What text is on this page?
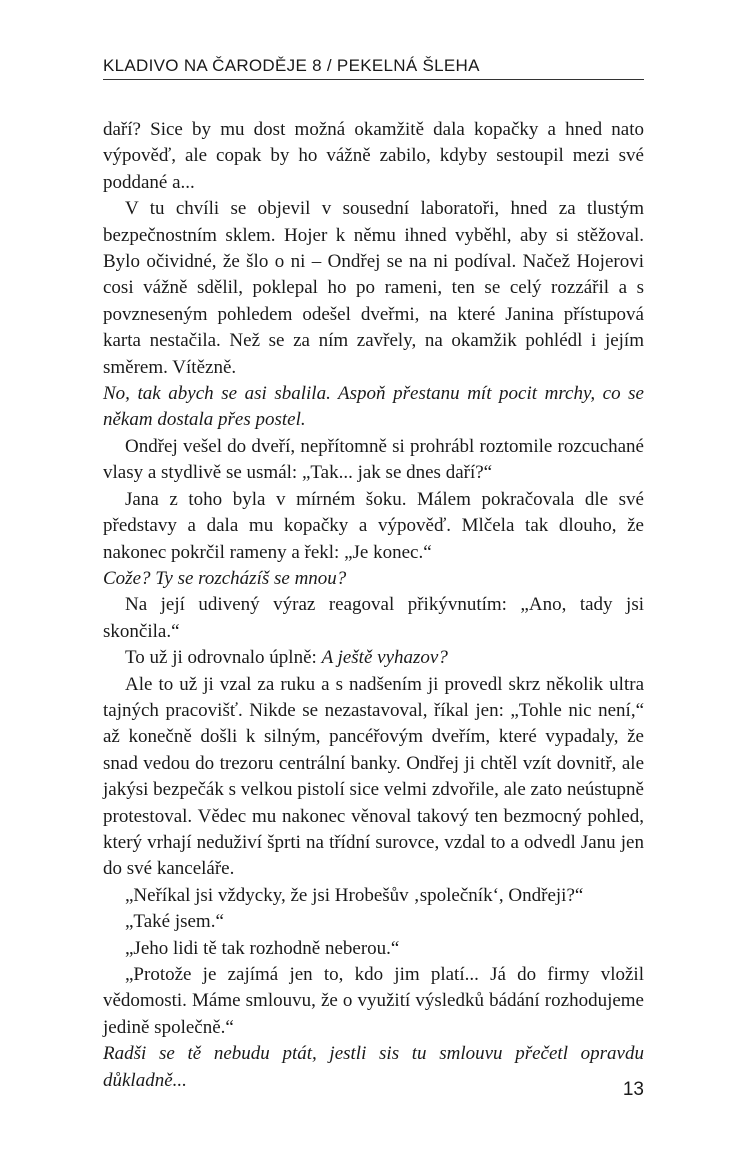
KLADIVO NA ČARODĚJE 8 / PEKELNÁ ŠLEHA

daří? Sice by mu dost možná okamžitě dala kopačky a hned nato výpověď, ale copak by ho vážně zabilo, kdyby sestoupil mezi své poddané a...

V tu chvíli se objevil v sousední laboratoři, hned za tlustým bezpečnostním sklem. Hojer k němu ihned vyběhl, aby si stěžoval. Bylo očividné, že šlo o ni – Ondřej se na ni podíval. Načež Hojerovi cosi vážně sdělil, poklepal ho po rameni, ten se celý rozzářil a s povzneseným pohledem odešel dveřmi, na které Janina přístupová karta nestačila. Než se za ním zavřely, na okamžik pohlédl i jejím směrem. Vítězně.

No, tak abych se asi sbalila. Aspoň přestanu mít pocit mrchy, co se někam dostala přes postel.

Ondřej vešel do dveří, nepřítomně si prohrábl roztomile rozcuchané vlasy a stydlivě se usmál: „Tak... jak se dnes daří?“

Jana z toho byla v mírném šoku. Málem pokračovala dle své představy a dala mu kopačky a výpověď. Mlčela tak dlouho, že nakonec pokrčil rameny a řekl: „Je konec.“

Cože? Ty se rozcházíš se mnou?

Na její udivený výraz reagoval přikývnutím: „Ano, tady jsi skončila.“

To už ji odrovnalo úplně: A ještě vyhazov?

Ale to už ji vzal za ruku a s nadšením ji provedl skrz několik ultra tajných pracovišť. Nikde se nezastavoval, říkal jen: „Tohle nic není,“ až konečně došli k silným, pancéřovým dveřím, které vypadaly, že snad vedou do trezoru centrální banky. Ondřej ji chtěl vzít dovnitř, ale jakýsi bezpečák s velkou pistolí sice velmi zdvořile, ale zato neústupně protestoval. Vědec mu nakonec věnoval takový ten bezmocný pohled, který vrhají neduživí šprti na třídní surovce, vzdal to a odvedl Janu jen do své kanceláře.

„Neříkal jsi vždycky, že jsi Hrobešův ‚společník‘, Ondřeji?“

„Také jsem.“

„Jeho lidi tě tak rozhodně neberou.“

„Protože je zajímá jen to, kdo jim platí... Já do firmy vložil vědomosti. Máme smlouvu, že o využití výsledků bádání rozhodujeme jedině společně.“

Radši se tě nebudu ptát, jestli sis tu smlouvu přečetl opravdu důkladně...	13
